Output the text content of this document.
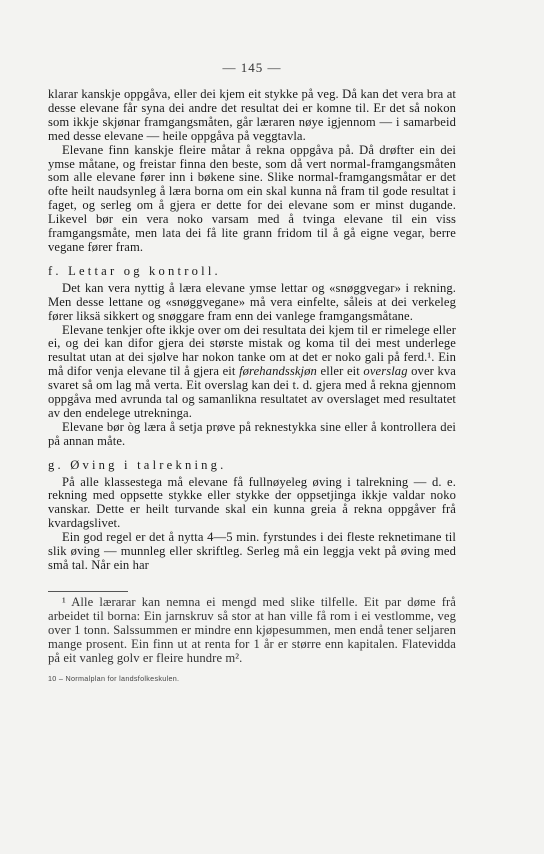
— 145 —

klarar kanskje oppgåva, eller dei kjem eit stykke på veg. Då kan det vera bra at desse elevane får syna dei andre det resultat dei er komne til. Er det så nokon som ikkje skjønar framgangsmåten, går læraren nøye igjennom — i samarbeid med desse elevane — heile oppgåva på veggtavla.

Elevane finn kanskje fleire måtar å rekna oppgåva på. Då drøfter ein dei ymse måtane, og freistar finna den beste, som då vert normal-framgangsmåten som alle elevane fører inn i bøkene sine. Slike normal-framgangsmåtar er det ofte heilt naudsynleg å læra borna om ein skal kunna nå fram til gode resultat i faget, og serleg om å gjera er dette for dei elevane som er minst dugande. Likevel bør ein vera noko varsam med å tvinga elevane til ein viss framgangsmåte, men lata dei få lite grann fridom til å gå eigne vegar, berre vegane fører fram.

f. Lettar og kontroll.

Det kan vera nyttig å læra elevane ymse lettar og «snøggvegar» i rekning. Men desse lettane og «snøggvegane» må vera einfelte, såleis at dei verkeleg fører liksä sikkert og snøggare fram enn dei vanlege framgangsmåtane.

Elevane tenkjer ofte ikkje over om dei resultata dei kjem til er rimelege eller ei, og dei kan difor gjera dei største mistak og koma til dei mest underlege resultat utan at dei sjølve har nokon tanke om at det er noko gali på ferd.¹. Ein må difor venja elevane til å gjera eit førehandsskjøn eller eit overslag over kva svaret så om lag må verta. Eit overslag kan dei t. d. gjera med å rekna gjennom oppgåva med avrunda tal og samanlikna resultatet av overslaget med resultatet av den endelege utrekninga.

Elevane bør òg læra å setja prøve på reknestykka sine eller å kontrollera dei på annan måte.

g. Øving i talrekning.

På alle klassestega må elevane få fullnøyeleg øving i talrekning — d. e. rekning med oppsette stykke eller stykke der oppsetjinga ikkje valdar noko vanskar. Dette er heilt turvande skal ein kunna greia å rekna oppgåver frå kvardagslivet.

Ein god regel er det å nytta 4—5 min. fyrstundes i dei fleste reknetimane til slik øving — munnleg eller skriftleg. Serleg må ein leggja vekt på øving med små tal. Når ein har

¹ Alle lærarar kan nemna ei mengd med slike tilfelle. Eit par døme frå arbeidet til borna: Ein jarnskruv så stor at han ville få rom i ei vestlomme, veg over 1 tonn. Salssummen er mindre enn kjøpesummen, men endå tener seljaren mange prosent. Ein finn ut at renta for 1 år er større enn kapitalen. Flatevidda på eit vanleg golv er fleire hundre m².

10 – Normalplan for landsfolkeskulen.
